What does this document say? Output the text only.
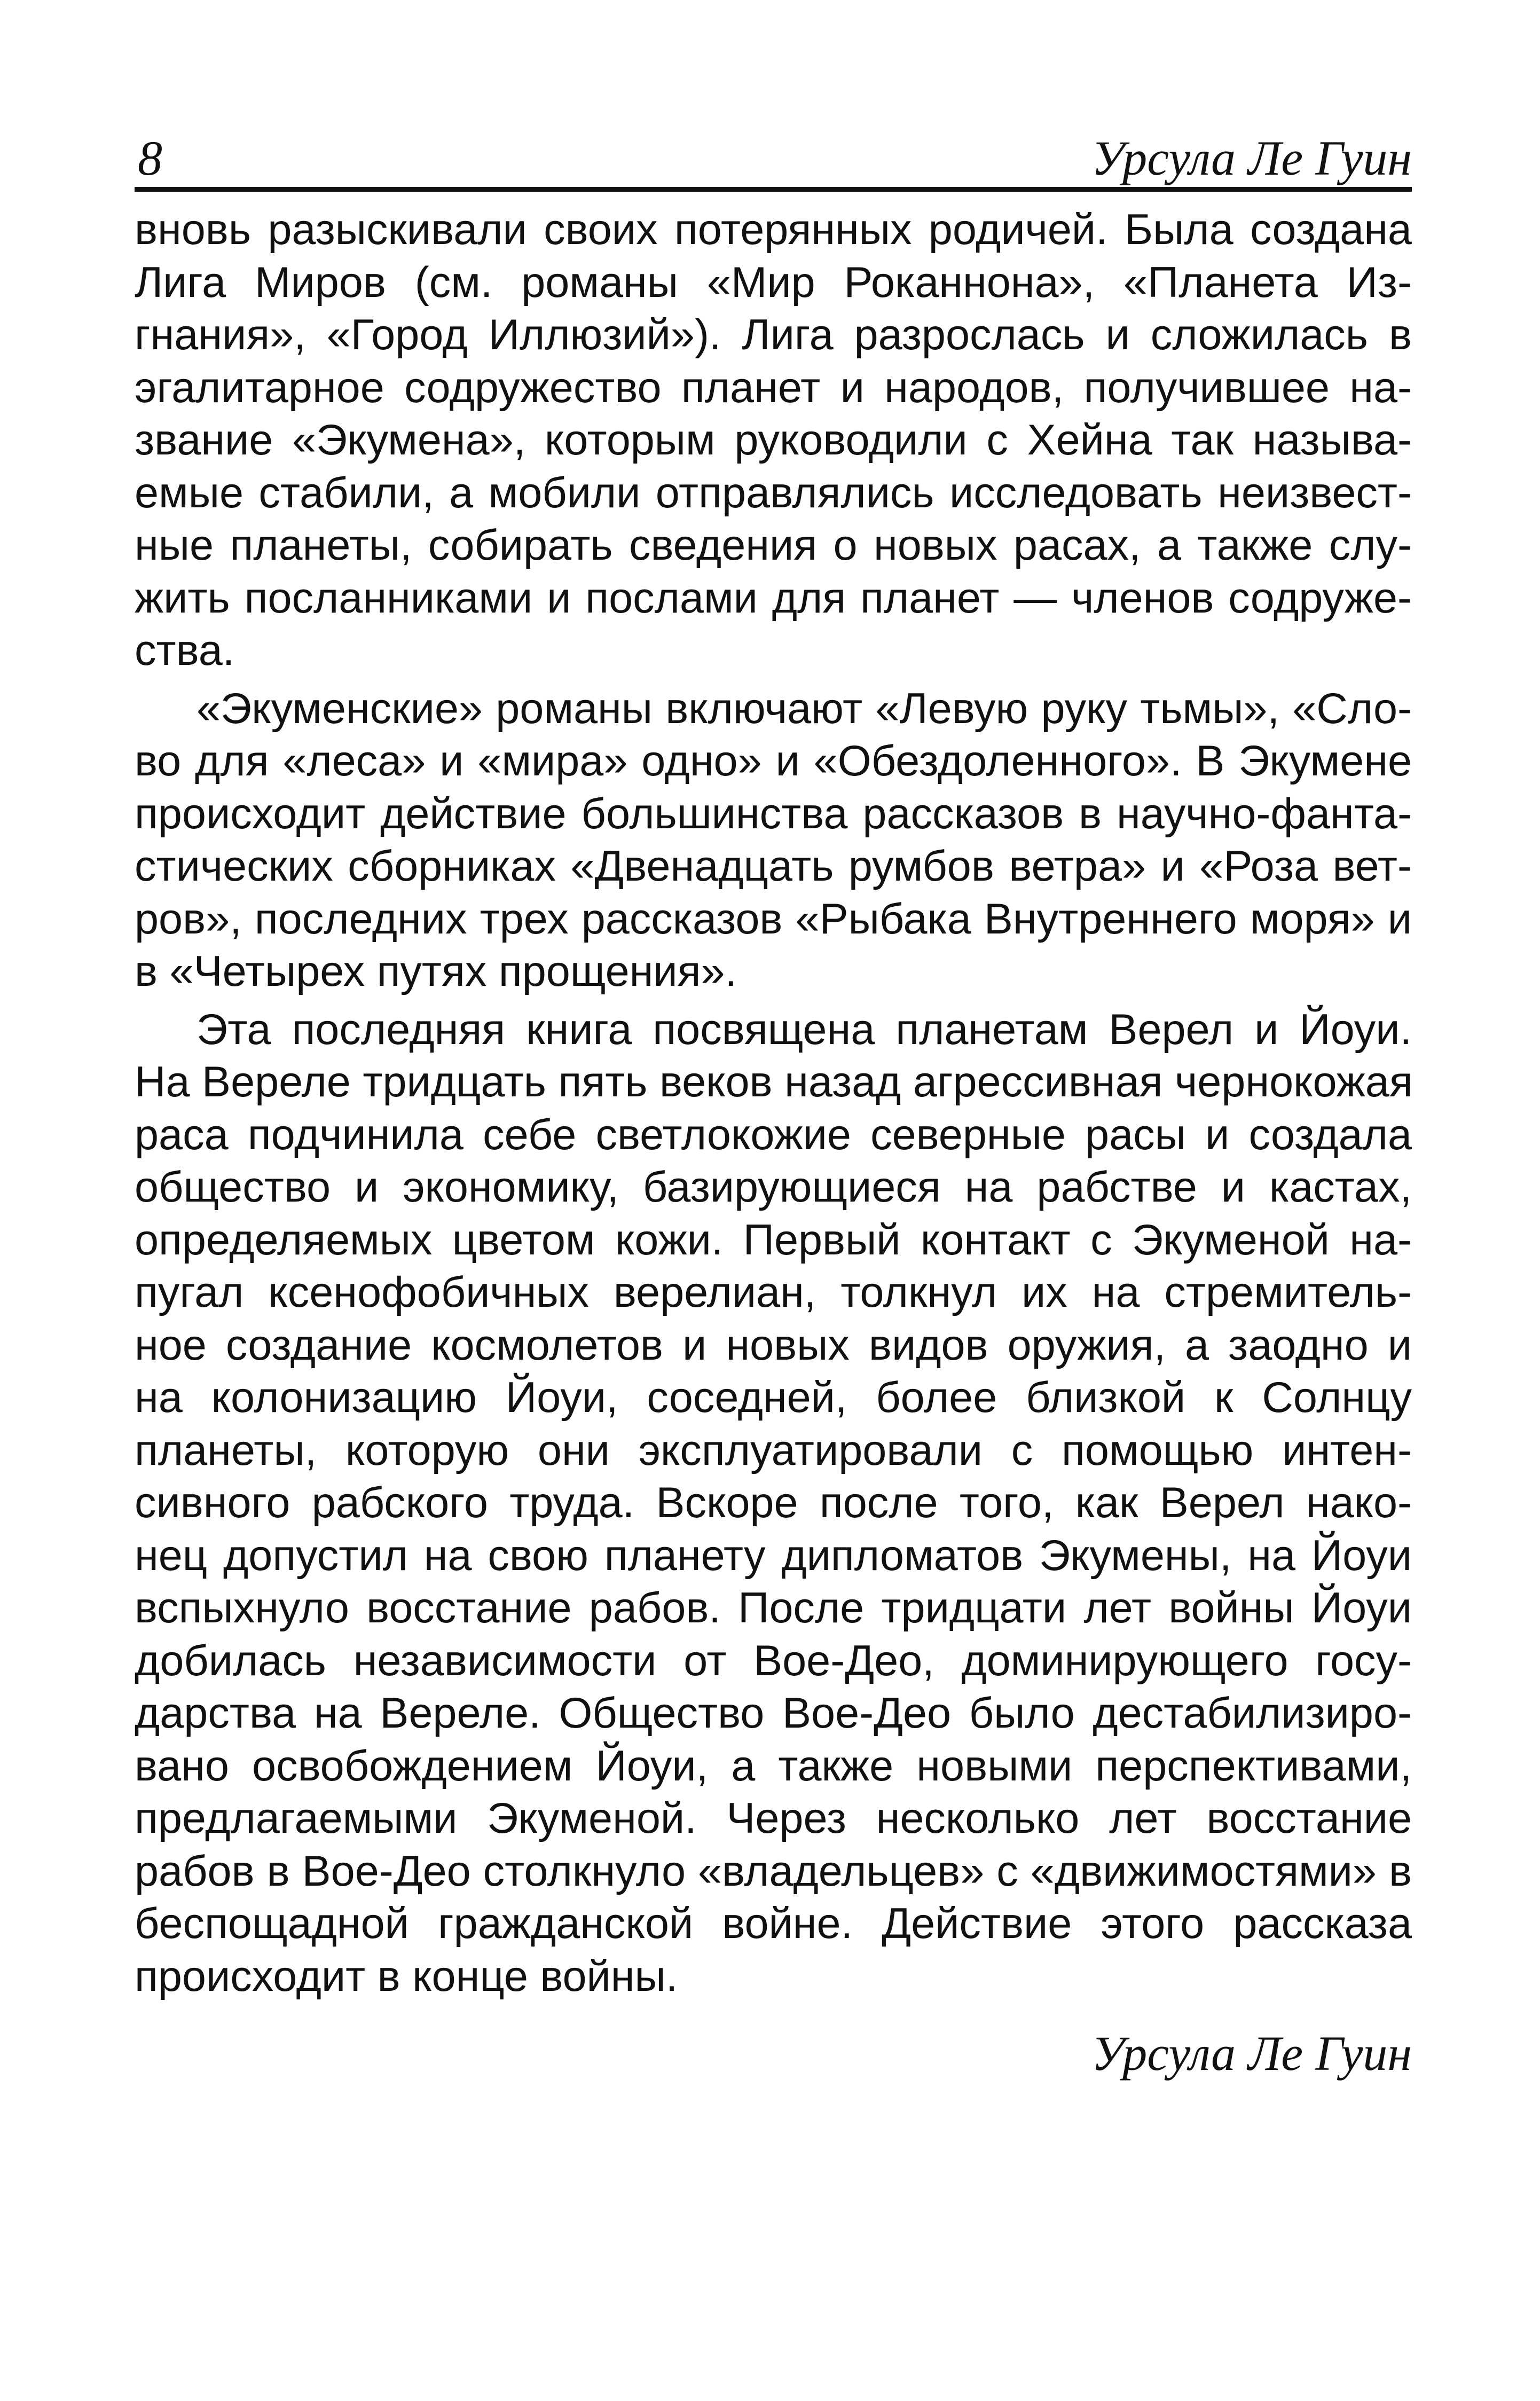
8	Урсула Ле Гуин
вновь разыскивали своих потерянных родичей. Была создана
Лига Миров (см. романы «Мир Роканнона», «Планета Из-
гнания», «Город Иллюзий»). Лига разрослась и сложилась в
эгалитарное содружество планет и народов, получившее на-
звание «Экумена», которым руководили с Хейна так называ-
емые стабили, а мобили отправлялись исследовать неизвест-
ные планеты, собирать сведения о новых расах, а также слу-
жить посланниками и послами для планет — членов содруже-
ства.
«Экуменские» романы включают «Левую руку тьмы», «Сло-
во для «леса» и «мира» одно» и «Обездоленного». В Экумене
происходит действие большинства рассказов в научно-фанта-
стических сборниках «Двенадцать румбов ветра» и «Роза вет-
ров», последних трех рассказов «Рыбака Внутреннего моря» и
в «Четырех путях прощения».
Эта последняя книга посвящена планетам Верел и Йоуи.
На Вереле тридцать пять веков назад агрессивная чернокожая
раса подчинила себе светлокожие северные расы и создала
общество и экономику, базирующиеся на рабстве и кастах,
определяемых цветом кожи. Первый контакт с Экуменой на-
пугал ксенофобичных верелиан, толкнул их на стремитель-
ное создание космолетов и новых видов оружия, а заодно и
на колонизацию Йоуи, соседней, более близкой к Солнцу
планеты, которую они эксплуатировали с помощью интен-
сивного рабского труда. Вскоре после того, как Верел нако-
нец допустил на свою планету дипломатов Экумены, на Йоуи
вспыхнуло восстание рабов. После тридцати лет войны Йоуи
добилась независимости от Вое-Део, доминирующего госу-
дарства на Вереле. Общество Вое-Део было дестабилизиро-
вано освобождением Йоуи, а также новыми перспективами,
предлагаемыми Экуменой. Через несколько лет восстание
рабов в Вое-Део столкнуло «владельцев» с «движимостями» в
беспощадной гражданской войне. Действие этого рассказа
происходит в конце войны.
Урсула Ле Гуин
